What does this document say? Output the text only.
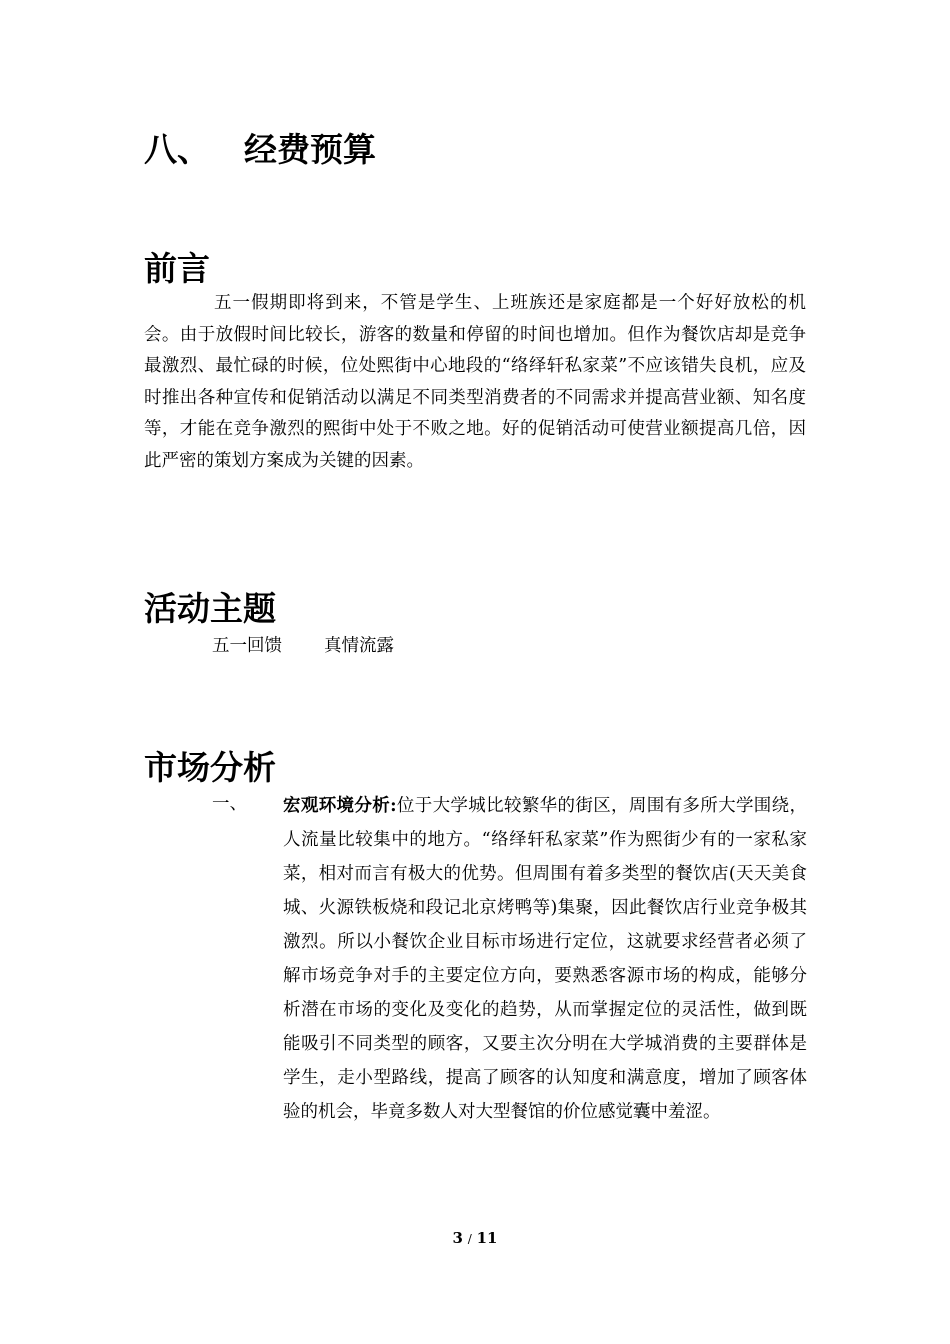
八、 经费预算
前言

五一假期即将到来，不管是学生、上班族还是家庭都是一个好好放松的机会。由于放假时间比较长，游客的数量和停留的时间也增加。但作为餐饮店却是竞争最激烈、最忙碌的时候，位处熙街中心地段的“络绎轩私家菜”不应该错失良机，应及时推出各种宣传和促销活动以满足不同类型消费者的不同需求并提高营业额、知名度等，才能在竞争激烈的熙街中处于不败之地。好的促销活动可使营业额提高几倍，因此严密的策划方案成为关键的因素。

活动主题

五一回馈 真情流露

市场分析

一、 宏观环境分析:位于大学城比较繁华的街区，周围有多所大学围绕，人流量比较集中的地方。“络绎轩私家菜”作为熙街少有的一家私家菜，相对而言有极大的优势。但周围有着多类型的餐饮店(天天美食城、火源铁板烧和段记北京烤鸭等)集聚，因此餐饮店行业竞争极其激烈。所以小餐饮企业目标市场进行定位，这就要求经营者必须了解市场竞争对手的主要定位方向，要熟悉客源市场的构成，能够分析潜在市场的变化及变化的趋势，从而掌握定位的灵活性，做到既能吸引不同类型的顾客，又要主次分明在大学城消费的主要群体是学生，走小型路线，提高了顾客的认知度和满意度，增加了顾客体验的机会，毕竟多数人对大型餐馆的价位感觉囊中羞涩。

3 / 11
